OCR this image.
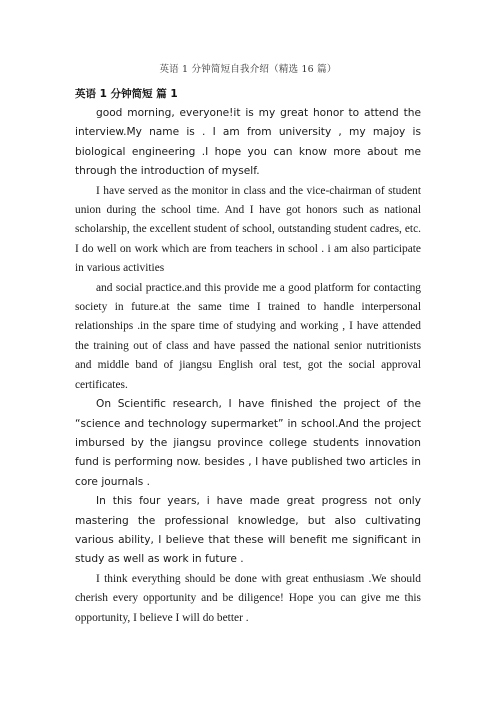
英语 1 分钟简短自我介绍（精选 16 篇）
英语 1 分钟简短 篇 1

good morning, everyone!it is my great honor to attend the interview.My name is . I am from university , my majoy is biological engineering .I hope you can know more about me through the introduction of myself.

I have served as the monitor in class and the vice-chairman of student union during the school time. And I have got honors such as national scholarship, the excellent student of school, outstanding student cadres, etc. I do well on work which are from teachers in school . i am also participate in various activities

and social practice.and this provide me a good platform for contacting society in future.at the same time I trained to handle interpersonal relationships .in the spare time of studying and working , I have attended the training out of class and have passed the national senior nutritionists and middle band of jiangsu English oral test, got the social approval certificates.

On Scientific research, I have finished the project of the “science and technology supermarket” in school.And the project imbursed by the jiangsu province college students innovation fund is performing now. besides , I have published two articles in core journals .

In this four years, i have made great progress not only mastering the professional knowledge, but also cultivating various ability, I believe that these will benefit me significant in study as well as work in future .

I think everything should be done with great enthusiasm .We should cherish every opportunity and be diligence! Hope you can give me this opportunity, I believe I will do better .
